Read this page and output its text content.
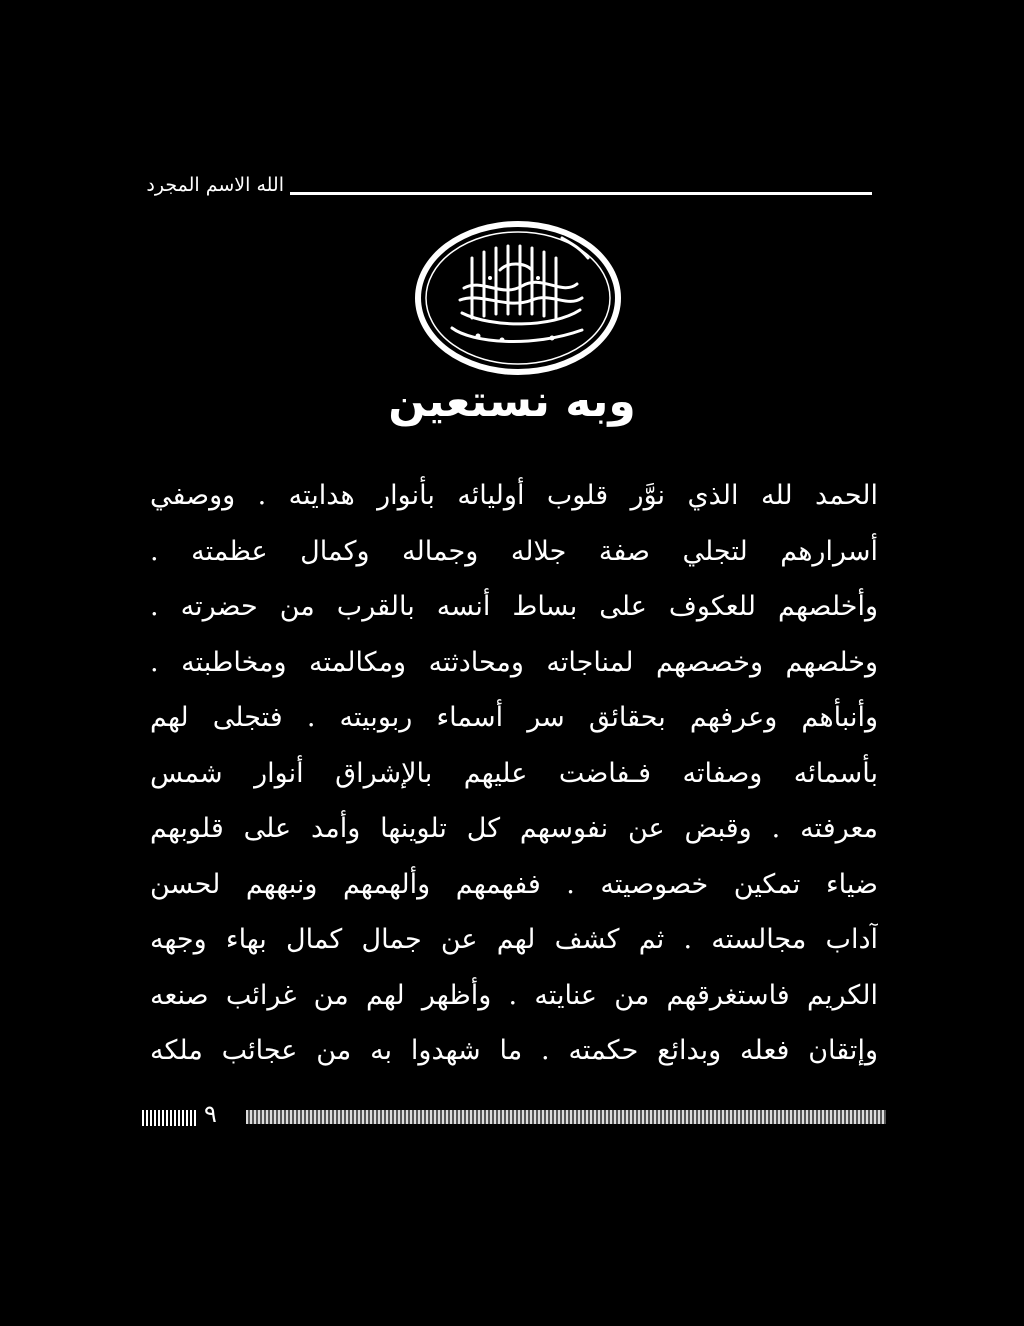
الله الاسم المجرد
وبه نستعين
الحمد لله الذي نوَّر قلوب أوليائه بأنوار هدايته . ووصفي
أسرارهم لتجلي صفة جلاله وجماله وكمال عظمته .
وأخلصهم للعكوف على بساط أنسه بالقرب من حضرته .
وخلصهم وخصصهم لمناجاته ومحادثته ومكالمته ومخاطبته .
وأنبأهم وعرفهم بحقائق سر أسماء ربوبيته . فتجلى لهم
بأسمائه وصفاته فـفاضت عليهم بالإشراق أنوار شمس
معرفته . وقبض عن نفوسهم كل تلوينها وأمد على قلوبهم
ضياء تمكين خصوصيته . ففهمهم وألهمهم ونبههم لحسن
آداب مجالسته . ثم كشف لهم عن جمال كمال بهاء وجهه
الكريم فاستغرقهم من عنايته . وأظهر لهم من غرائب صنعه
وإتقان فعله وبدائع حكمته . ما شهدوا به من عجائب ملكه
٩
